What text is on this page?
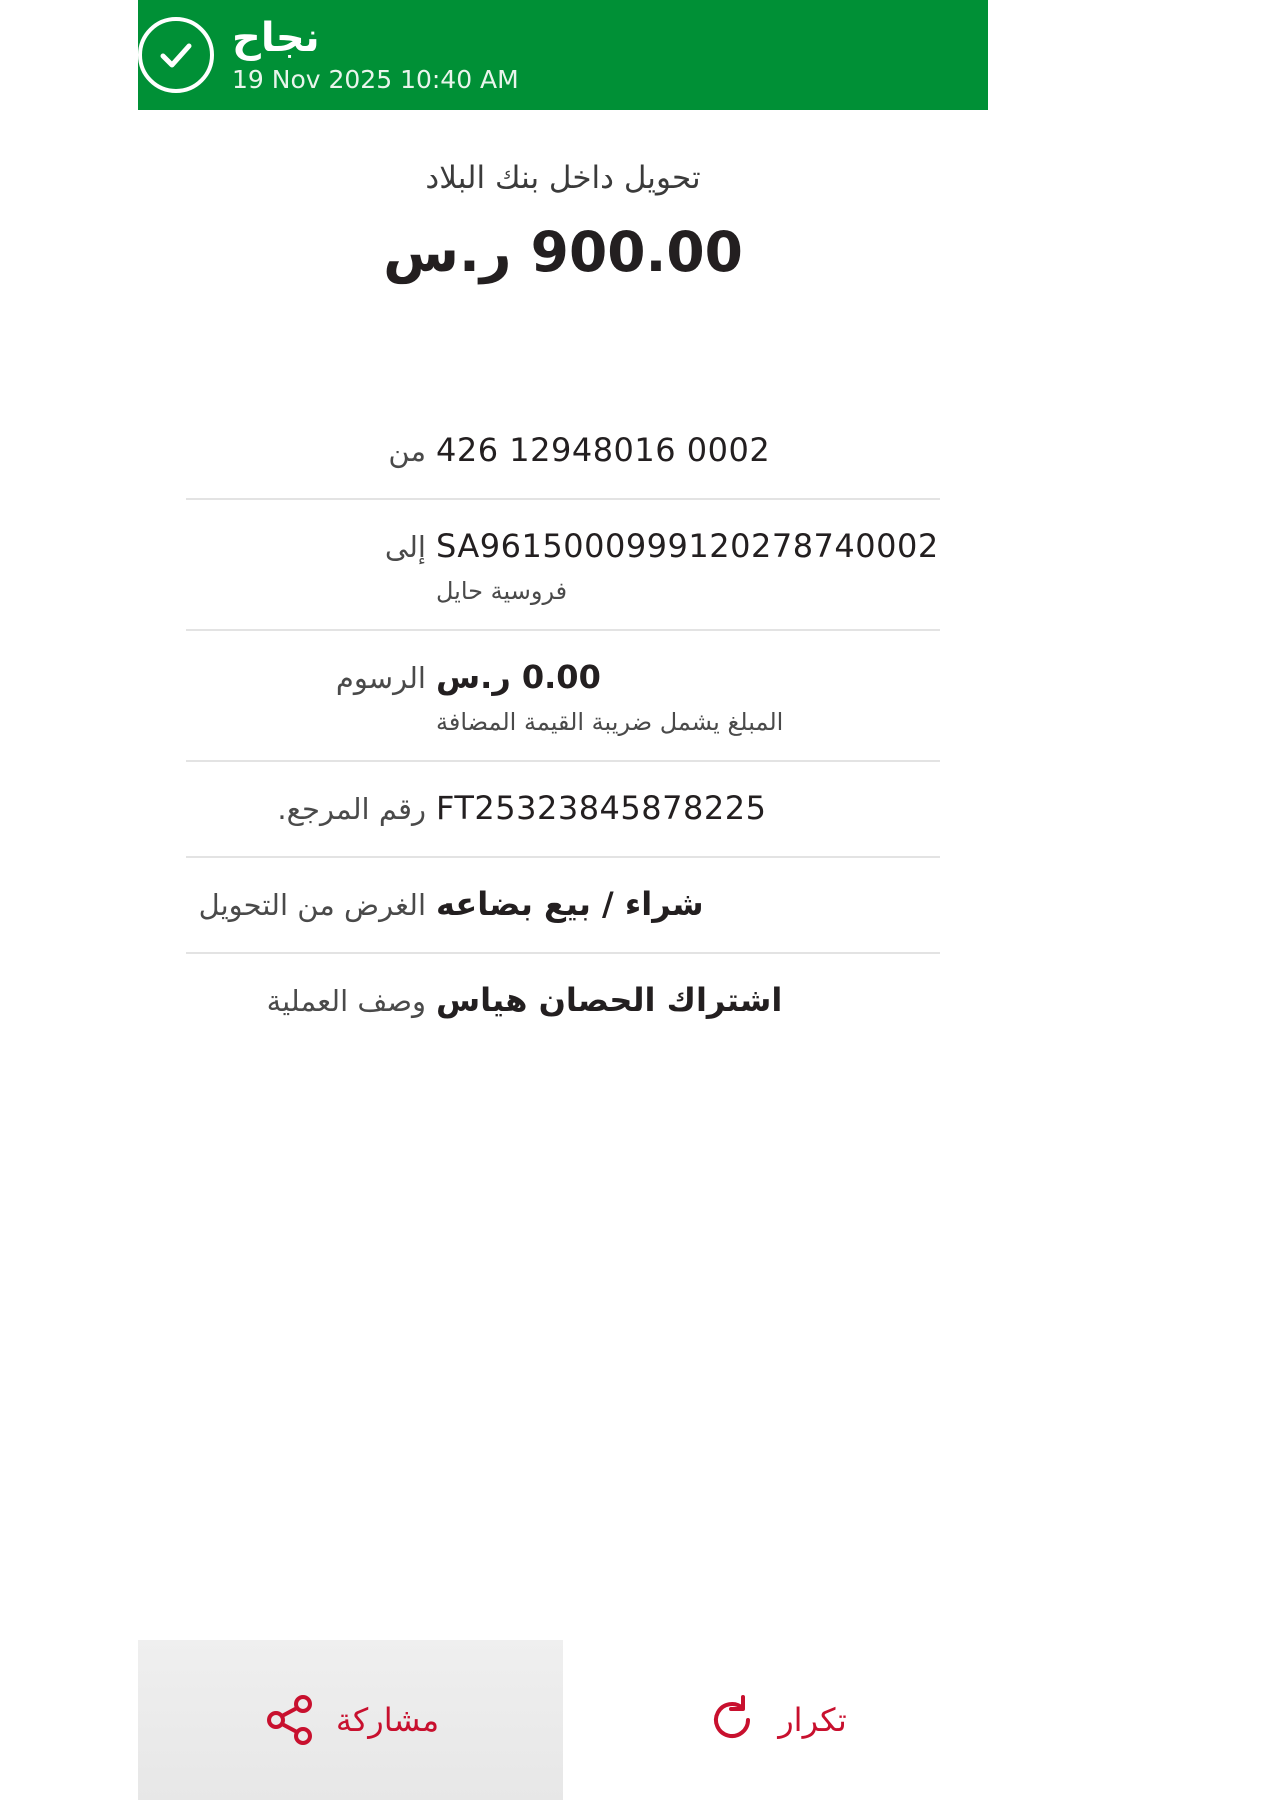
نجاح
19 Nov 2025 10:40 AM
تحويل داخل بنك البلاد
900.00 ر.س
426 12948016 0002
من
SA9615000999120278740002
فروسية حايل
إلى
0.00 ر.س
المبلغ يشمل ضريبة القيمة المضافة
الرسوم
FT25323845878225
رقم المرجع.
شراء / بيع بضاعه
الغرض من التحويل
اشتراك الحصان هياس
وصف العملية
تكرار
مشاركة
